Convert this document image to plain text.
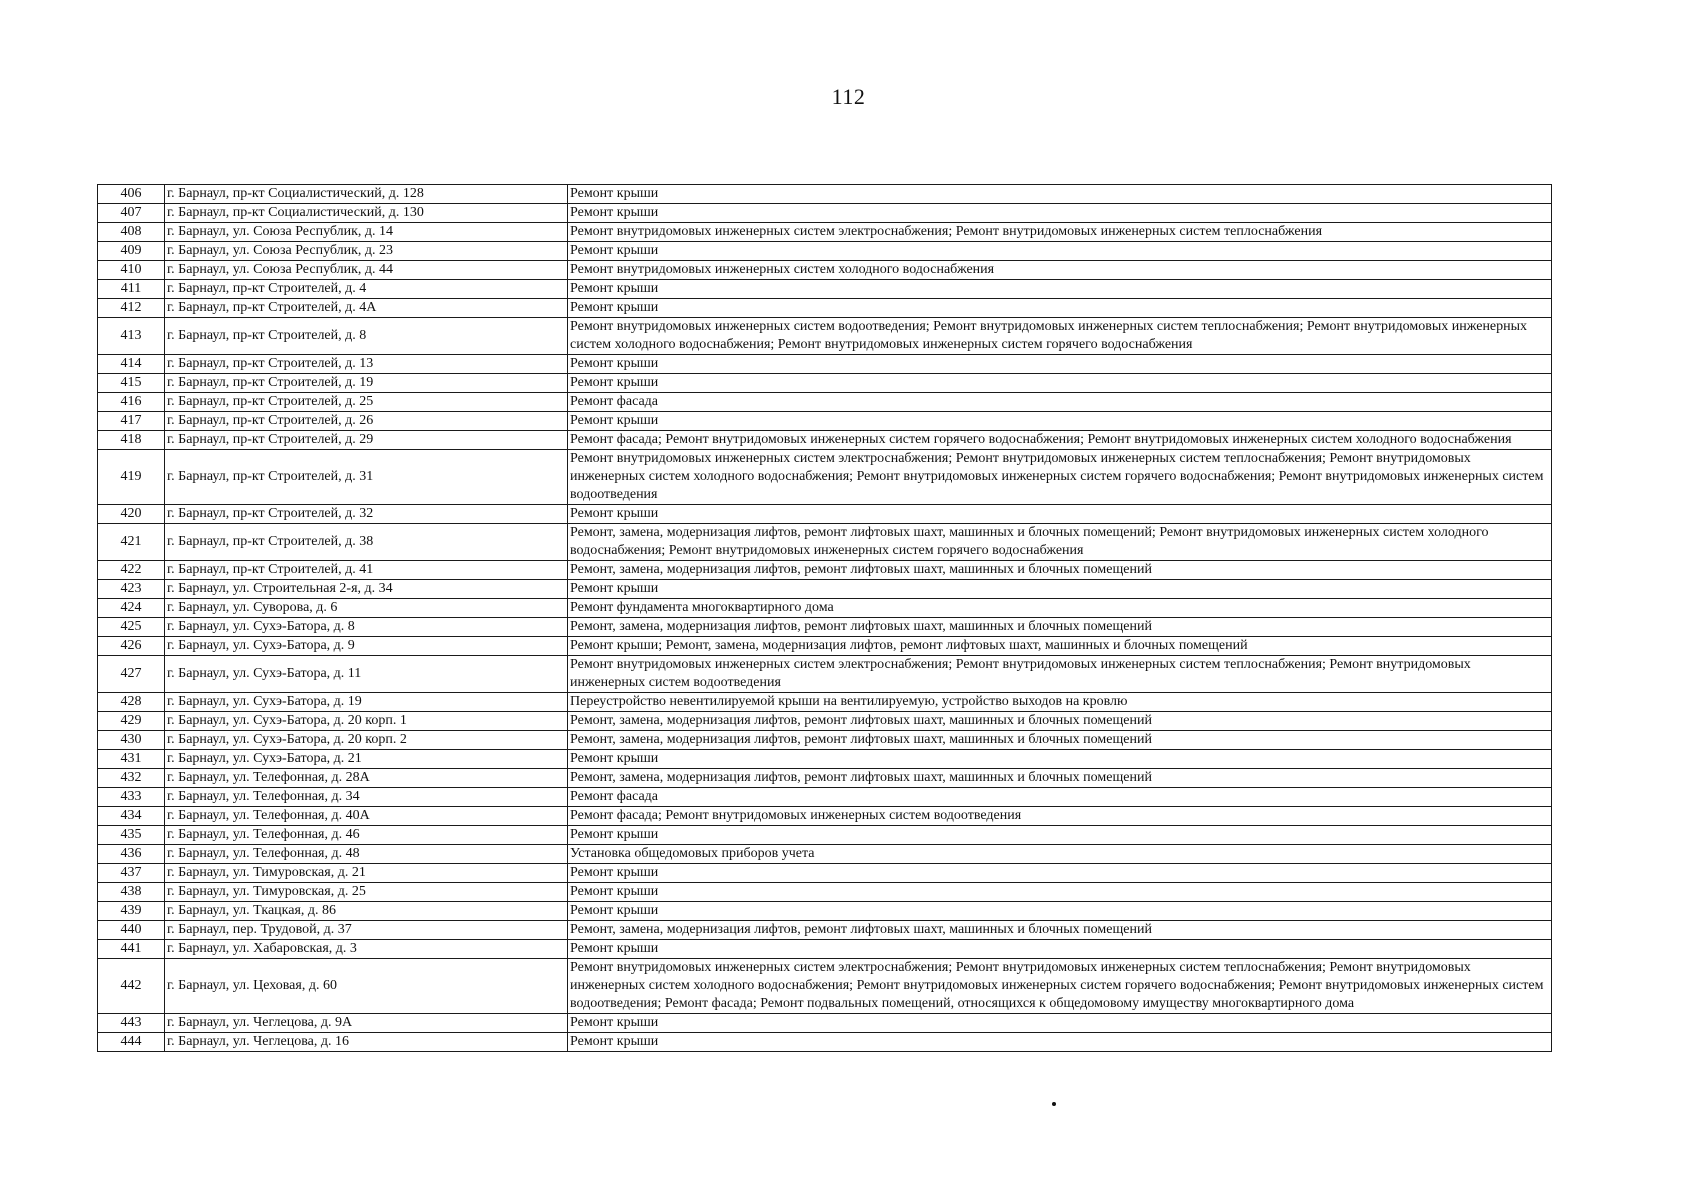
112
406	г. Барнаул, пр-кт Социалистический, д. 128	Ремонт крыши
407	г. Барнаул, пр-кт Социалистический, д. 130	Ремонт крыши
408	г. Барнаул, ул. Союза Республик, д. 14	Ремонт внутридомовых инженерных систем электроснабжения; Ремонт внутридомовых инженерных систем теплоснабжения
409	г. Барнаул, ул. Союза Республик, д. 23	Ремонт крыши
410	г. Барнаул, ул. Союза Республик, д. 44	Ремонт внутридомовых инженерных систем холодного водоснабжения
411	г. Барнаул, пр-кт Строителей, д. 4	Ремонт крыши
412	г. Барнаул, пр-кт Строителей, д. 4А	Ремонт крыши
413	г. Барнаул, пр-кт Строителей, д. 8	Ремонт внутридомовых инженерных систем водоотведения; Ремонт внутридомовых инженерных систем теплоснабжения; Ремонт внутридомовых инженерных систем холодного водоснабжения; Ремонт внутридомовых инженерных систем горячего водоснабжения
414	г. Барнаул, пр-кт Строителей, д. 13	Ремонт крыши
415	г. Барнаул, пр-кт Строителей, д. 19	Ремонт крыши
416	г. Барнаул, пр-кт Строителей, д. 25	Ремонт фасада
417	г. Барнаул, пр-кт Строителей, д. 26	Ремонт крыши
418	г. Барнаул, пр-кт Строителей, д. 29	Ремонт фасада; Ремонт внутридомовых инженерных систем горячего водоснабжения; Ремонт внутридомовых инженерных систем холодного водоснабжения
419	г. Барнаул, пр-кт Строителей, д. 31	Ремонт внутридомовых инженерных систем электроснабжения; Ремонт внутридомовых инженерных систем теплоснабжения; Ремонт внутридомовых инженерных систем холодного водоснабжения; Ремонт внутридомовых инженерных систем горячего водоснабжения; Ремонт внутридомовых инженерных систем водоотведения
420	г. Барнаул, пр-кт Строителей, д. 32	Ремонт крыши
421	г. Барнаул, пр-кт Строителей, д. 38	Ремонт, замена, модернизация лифтов, ремонт лифтовых шахт, машинных и блочных помещений; Ремонт внутридомовых инженерных систем холодного водоснабжения; Ремонт внутридомовых инженерных систем горячего водоснабжения
422	г. Барнаул, пр-кт Строителей, д. 41	Ремонт, замена, модернизация лифтов, ремонт лифтовых шахт, машинных и блочных помещений
423	г. Барнаул, ул. Строительная 2-я, д. 34	Ремонт крыши
424	г. Барнаул, ул. Суворова, д. 6	Ремонт фундамента многоквартирного дома
425	г. Барнаул, ул. Сухэ-Батора, д. 8	Ремонт, замена, модернизация лифтов, ремонт лифтовых шахт, машинных и блочных помещений
426	г. Барнаул, ул. Сухэ-Батора, д. 9	Ремонт крыши; Ремонт, замена, модернизация лифтов, ремонт лифтовых шахт, машинных и блочных помещений
427	г. Барнаул, ул. Сухэ-Батора, д. 11	Ремонт внутридомовых инженерных систем электроснабжения; Ремонт внутридомовых инженерных систем теплоснабжения; Ремонт внутридомовых инженерных систем водоотведения
428	г. Барнаул, ул. Сухэ-Батора, д. 19	Переустройство невентилируемой крыши на вентилируемую, устройство выходов на кровлю
429	г. Барнаул, ул. Сухэ-Батора, д. 20 корп. 1	Ремонт, замена, модернизация лифтов, ремонт лифтовых шахт, машинных и блочных помещений
430	г. Барнаул, ул. Сухэ-Батора, д. 20 корп. 2	Ремонт, замена, модернизация лифтов, ремонт лифтовых шахт, машинных и блочных помещений
431	г. Барнаул, ул. Сухэ-Батора, д. 21	Ремонт крыши
432	г. Барнаул, ул. Телефонная, д. 28А	Ремонт, замена, модернизация лифтов, ремонт лифтовых шахт, машинных и блочных помещений
433	г. Барнаул, ул. Телефонная, д. 34	Ремонт фасада
434	г. Барнаул, ул. Телефонная, д. 40А	Ремонт фасада; Ремонт внутридомовых инженерных систем водоотведения
435	г. Барнаул, ул. Телефонная, д. 46	Ремонт крыши
436	г. Барнаул, ул. Телефонная, д. 48	Установка общедомовых приборов учета
437	г. Барнаул, ул. Тимуровская, д. 21	Ремонт крыши
438	г. Барнаул, ул. Тимуровская, д. 25	Ремонт крыши
439	г. Барнаул, ул. Ткацкая, д. 86	Ремонт крыши
440	г. Барнаул, пер. Трудовой, д. 37	Ремонт, замена, модернизация лифтов, ремонт лифтовых шахт, машинных и блочных помещений
441	г. Барнаул, ул. Хабаровская, д. 3	Ремонт крыши
442	г. Барнаул, ул. Цеховая, д. 60	Ремонт внутридомовых инженерных систем электроснабжения; Ремонт внутридомовых инженерных систем теплоснабжения; Ремонт внутридомовых инженерных систем холодного водоснабжения; Ремонт внутридомовых инженерных систем горячего водоснабжения; Ремонт внутридомовых инженерных систем водоотведения; Ремонт фасада; Ремонт подвальных помещений, относящихся к общедомовому имуществу многоквартирного дома
443	г. Барнаул, ул. Чеглецова, д. 9А	Ремонт крыши
444	г. Барнаул, ул. Чеглецова, д. 16	Ремонт крыши
